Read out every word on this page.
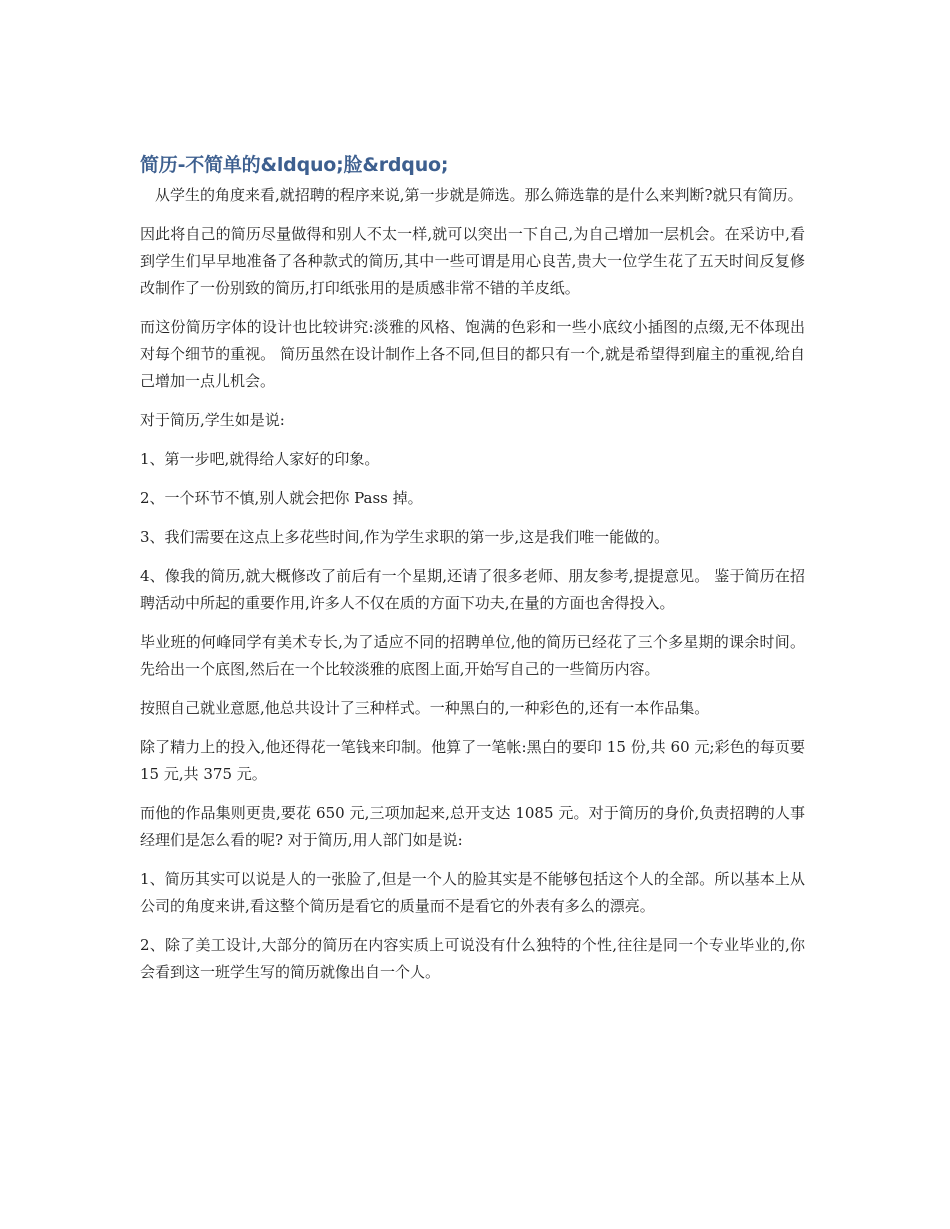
简历-不简单的&ldquo;脸&rdquo;

从学生的角度来看,就招聘的程序来说,第一步就是筛选。那么筛选靠的是什么来判断?就只有简历。

因此将自己的简历尽量做得和别人不太一样,就可以突出一下自己,为自己增加一层机会。在采访中,看到学生们早早地准备了各种款式的简历,其中一些可谓是用心良苦,贵大一位学生花了五天时间反复修改制作了一份别致的简历,打印纸张用的是质感非常不错的羊皮纸。

而这份简历字体的设计也比较讲究:淡雅的风格、饱满的色彩和一些小底纹小插图的点缀,无不体现出对每个细节的重视。 简历虽然在设计制作上各不同,但目的都只有一个,就是希望得到雇主的重视,给自己增加一点儿机会。

对于简历,学生如是说:

1、第一步吧,就得给人家好的印象。

2、一个环节不慎,别人就会把你 Pass 掉。

3、我们需要在这点上多花些时间,作为学生求职的第一步,这是我们唯一能做的。

4、像我的简历,就大概修改了前后有一个星期,还请了很多老师、朋友参考,提提意见。 鉴于简历在招聘活动中所起的重要作用,许多人不仅在质的方面下功夫,在量的方面也舍得投入。

毕业班的何峰同学有美术专长,为了适应不同的招聘单位,他的简历已经花了三个多星期的课余时间。先给出一个底图,然后在一个比较淡雅的底图上面,开始写自己的一些简历内容。

按照自己就业意愿,他总共设计了三种样式。一种黑白的,一种彩色的,还有一本作品集。

除了精力上的投入,他还得花一笔钱来印制。他算了一笔帐:黑白的要印 15 份,共 60 元;彩色的每页要 15 元,共 375 元。

而他的作品集则更贵,要花 650 元,三项加起来,总开支达 1085 元。对于简历的身价,负责招聘的人事经理们是怎么看的呢? 对于简历,用人部门如是说:

1、简历其实可以说是人的一张脸了,但是一个人的脸其实是不能够包括这个人的全部。所以基本上从公司的角度来讲,看这整个简历是看它的质量而不是看它的外表有多么的漂亮。

2、除了美工设计,大部分的简历在内容实质上可说没有什么独特的个性,往往是同一个专业毕业的,你会看到这一班学生写的简历就像出自一个人。
